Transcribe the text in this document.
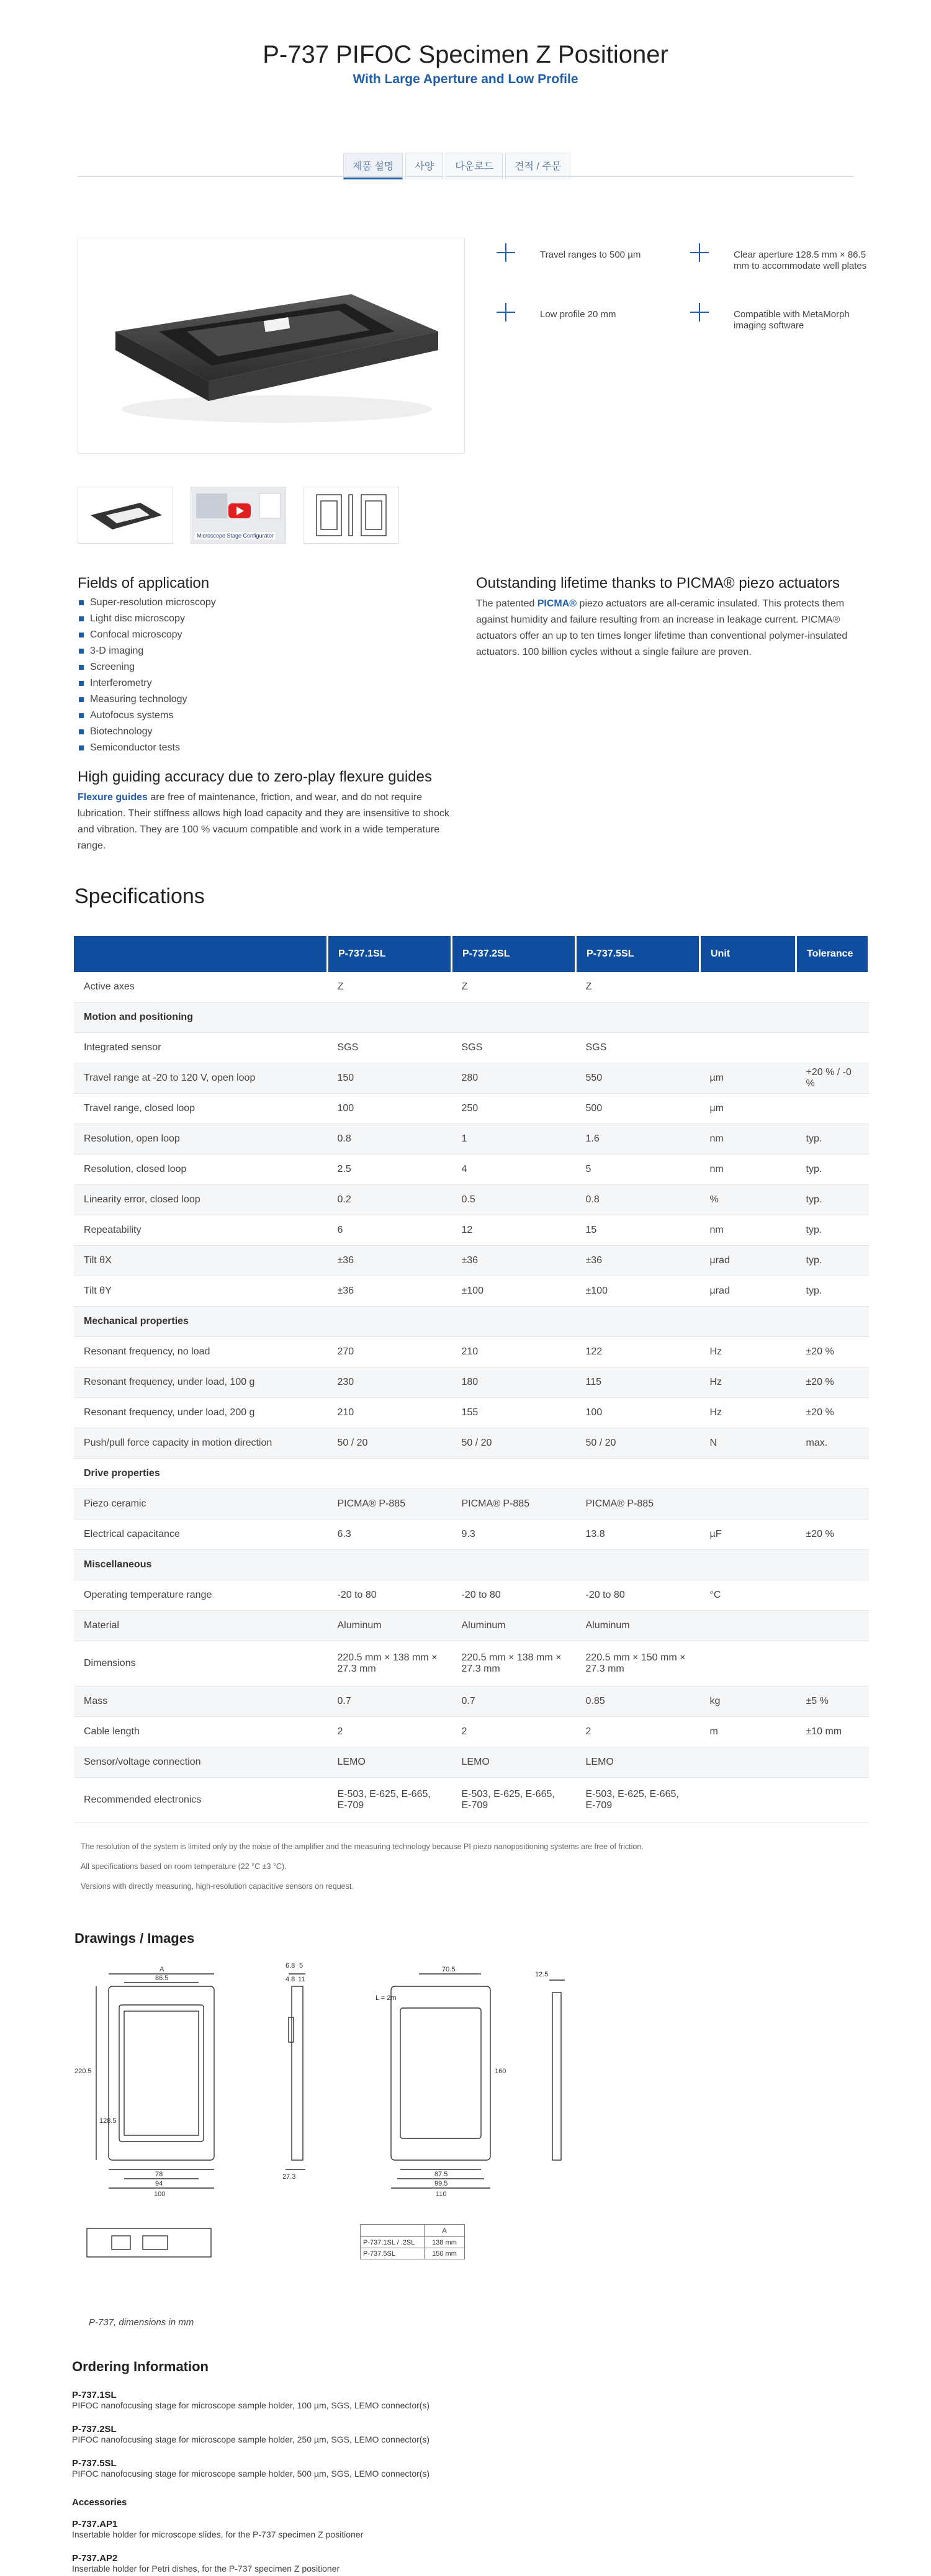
P-737 PIFOC Specimen Z Positioner
With Large Aperture and Low Profile
제품 설명	사양	다운로드	견적 / 주문
Microscope Stage Configurator
Travel ranges to 500 µm	Clear aperture 128.5 mm × 86.5 mm to accommodate well plates
Low profile 20 mm	Compatible with MetaMorph imaging software
Fields of application
Super-resolution microscopy
Light disc microscopy
Confocal microscopy
3-D imaging
Screening
Interferometry
Measuring technology
Autofocus systems
Biotechnology
Semiconductor tests
High guiding accuracy due to zero-play flexure guides
Flexure guides are free of maintenance, friction, and wear, and do not require lubrication. Their stiffness allows high load capacity and they are insensitive to shock and vibration. They are 100 % vacuum compatible and work in a wide temperature range.
Outstanding lifetime thanks to PICMA® piezo actuators
The patented PICMA® piezo actuators are all-ceramic insulated. This protects them against humidity and failure resulting from an increase in leakage current. PICMA® actuators offer an up to ten times longer lifetime than conventional polymer-insulated actuators. 100 billion cycles without a single failure are proven.
Specifications
	P-737.1SL	P-737.2SL	P-737.5SL	Unit	Tolerance
Active axes	Z	Z	Z		
Motion and positioning					
Integrated sensor	SGS	SGS	SGS		
Travel range at -20 to 120 V, open loop	150	280	550	µm	+20 % / -0 %
Travel range, closed loop	100	250	500	µm	
Resolution, open loop	0.8	1	1.6	nm	typ.
Resolution, closed loop	2.5	4	5	nm	typ.
Linearity error, closed loop	0.2	0.5	0.8	%	typ.
Repeatability	6	12	15	nm	typ.
Tilt θX	±36	±36	±36	µrad	typ.
Tilt θY	±36	±100	±100	µrad	typ.
Mechanical properties					
Resonant frequency, no load	270	210	122	Hz	±20 %
Resonant frequency, under load, 100 g	230	180	115	Hz	±20 %
Resonant frequency, under load, 200 g	210	155	100	Hz	±20 %
Push/pull force capacity in motion direction	50 / 20	50 / 20	50 / 20	N	max.
Drive properties					
Piezo ceramic	PICMA® P-885	PICMA® P-885	PICMA® P-885		
Electrical capacitance	6.3	9.3	13.8	µF	±20 %
Miscellaneous					
Operating temperature range	-20 to 80	-20 to 80	-20 to 80	°C	
Material	Aluminum	Aluminum	Aluminum		
Dimensions	220.5 mm × 138 mm × 27.3 mm	220.5 mm × 138 mm × 27.3 mm	220.5 mm × 150 mm × 27.3 mm		
Mass	0.7	0.7	0.85	kg	±5 %
Cable length	2	2	2	m	±10 mm
Sensor/voltage connection	LEMO	LEMO	LEMO		
Recommended electronics	E-503, E-625, E-665, E-709	E-503, E-625, E-665, E-709	E-503, E-625, E-665, E-709		
The resolution of the system is limited only by the noise of the amplifier and the measuring technology because PI piezo nanopositioning systems are free of friction.
All specifications based on room temperature (22 °C ±3 °C).
Versions with directly measuring, high-resolution capacitive sensors on request.
Drawings / Images
A
86.5
220.5
78
94
100
6.8 5
4.8 11
27.3
70.5
L = 2m
160
87.5
99.5
110
12.5
128.5
	A
P-737.1SL / .2SL	138 mm
P-737.5SL	150 mm
P-737, dimensions in mm
Ordering Information
P-737.1SL
PIFOC nanofocusing stage for microscope sample holder, 100 µm, SGS, LEMO connector(s)
P-737.2SL
PIFOC nanofocusing stage for microscope sample holder, 250 µm, SGS, LEMO connector(s)
P-737.5SL
PIFOC nanofocusing stage for microscope sample holder, 500 µm, SGS, LEMO connector(s)
Accessories
P-737.AP1
Insertable holder for microscope slides, for the P-737 specimen Z positioner
P-737.AP2
Insertable holder for Petri dishes, for the P-737 specimen Z positioner
